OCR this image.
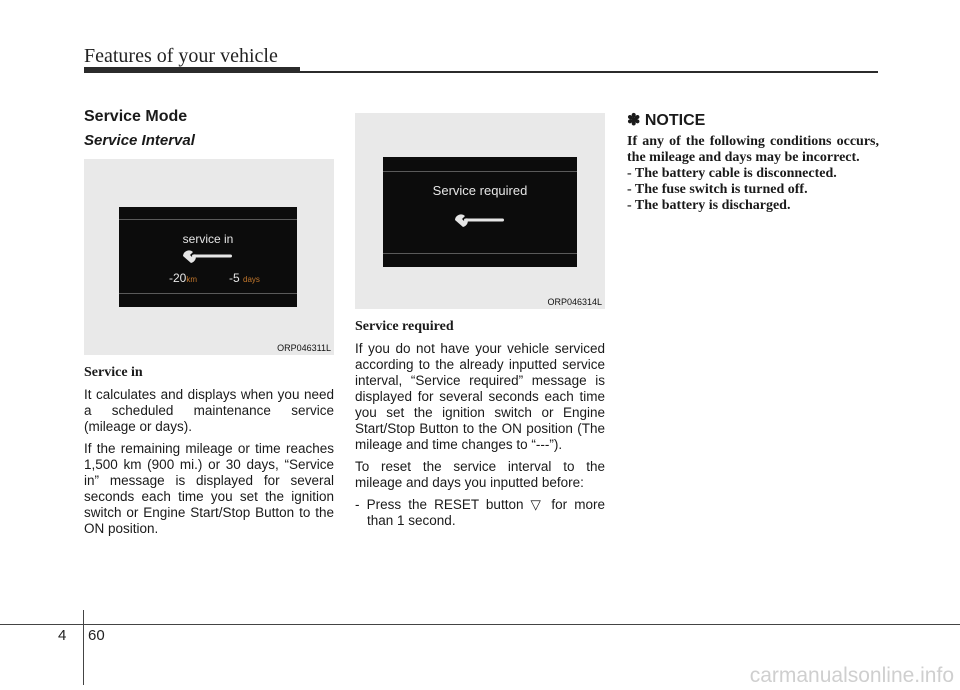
Features of your vehicle
Service Mode
Service Interval
service in
-20km	-5 days
ORP046311L
Service in

It calculates and displays when you need a scheduled maintenance service (mileage or days).

If the remaining mileage or time reaches 1,500 km (900 mi.) or 30 days, “Service in” message is displayed for several seconds each time you set the ignition switch or Engine Start/Stop Button to the ON position.

Service required
ORP046314L
Service required

If you do not have your vehicle serviced according to the already inputted service interval, “Service required” message is displayed for several seconds each time you set the ignition switch or Engine Start/Stop Button to the ON position (The mileage and time changes to “---”).

To reset the service interval to the mileage and days you inputted before:

- Press the RESET button ▽ for more than 1 second.

✽ NOTICE

If any of the following conditions occurs, the mileage and days may be incorrect.

- The battery cable is disconnected.

- The fuse switch is turned off.

- The battery is discharged.

4 60
carmanualsonline.info
